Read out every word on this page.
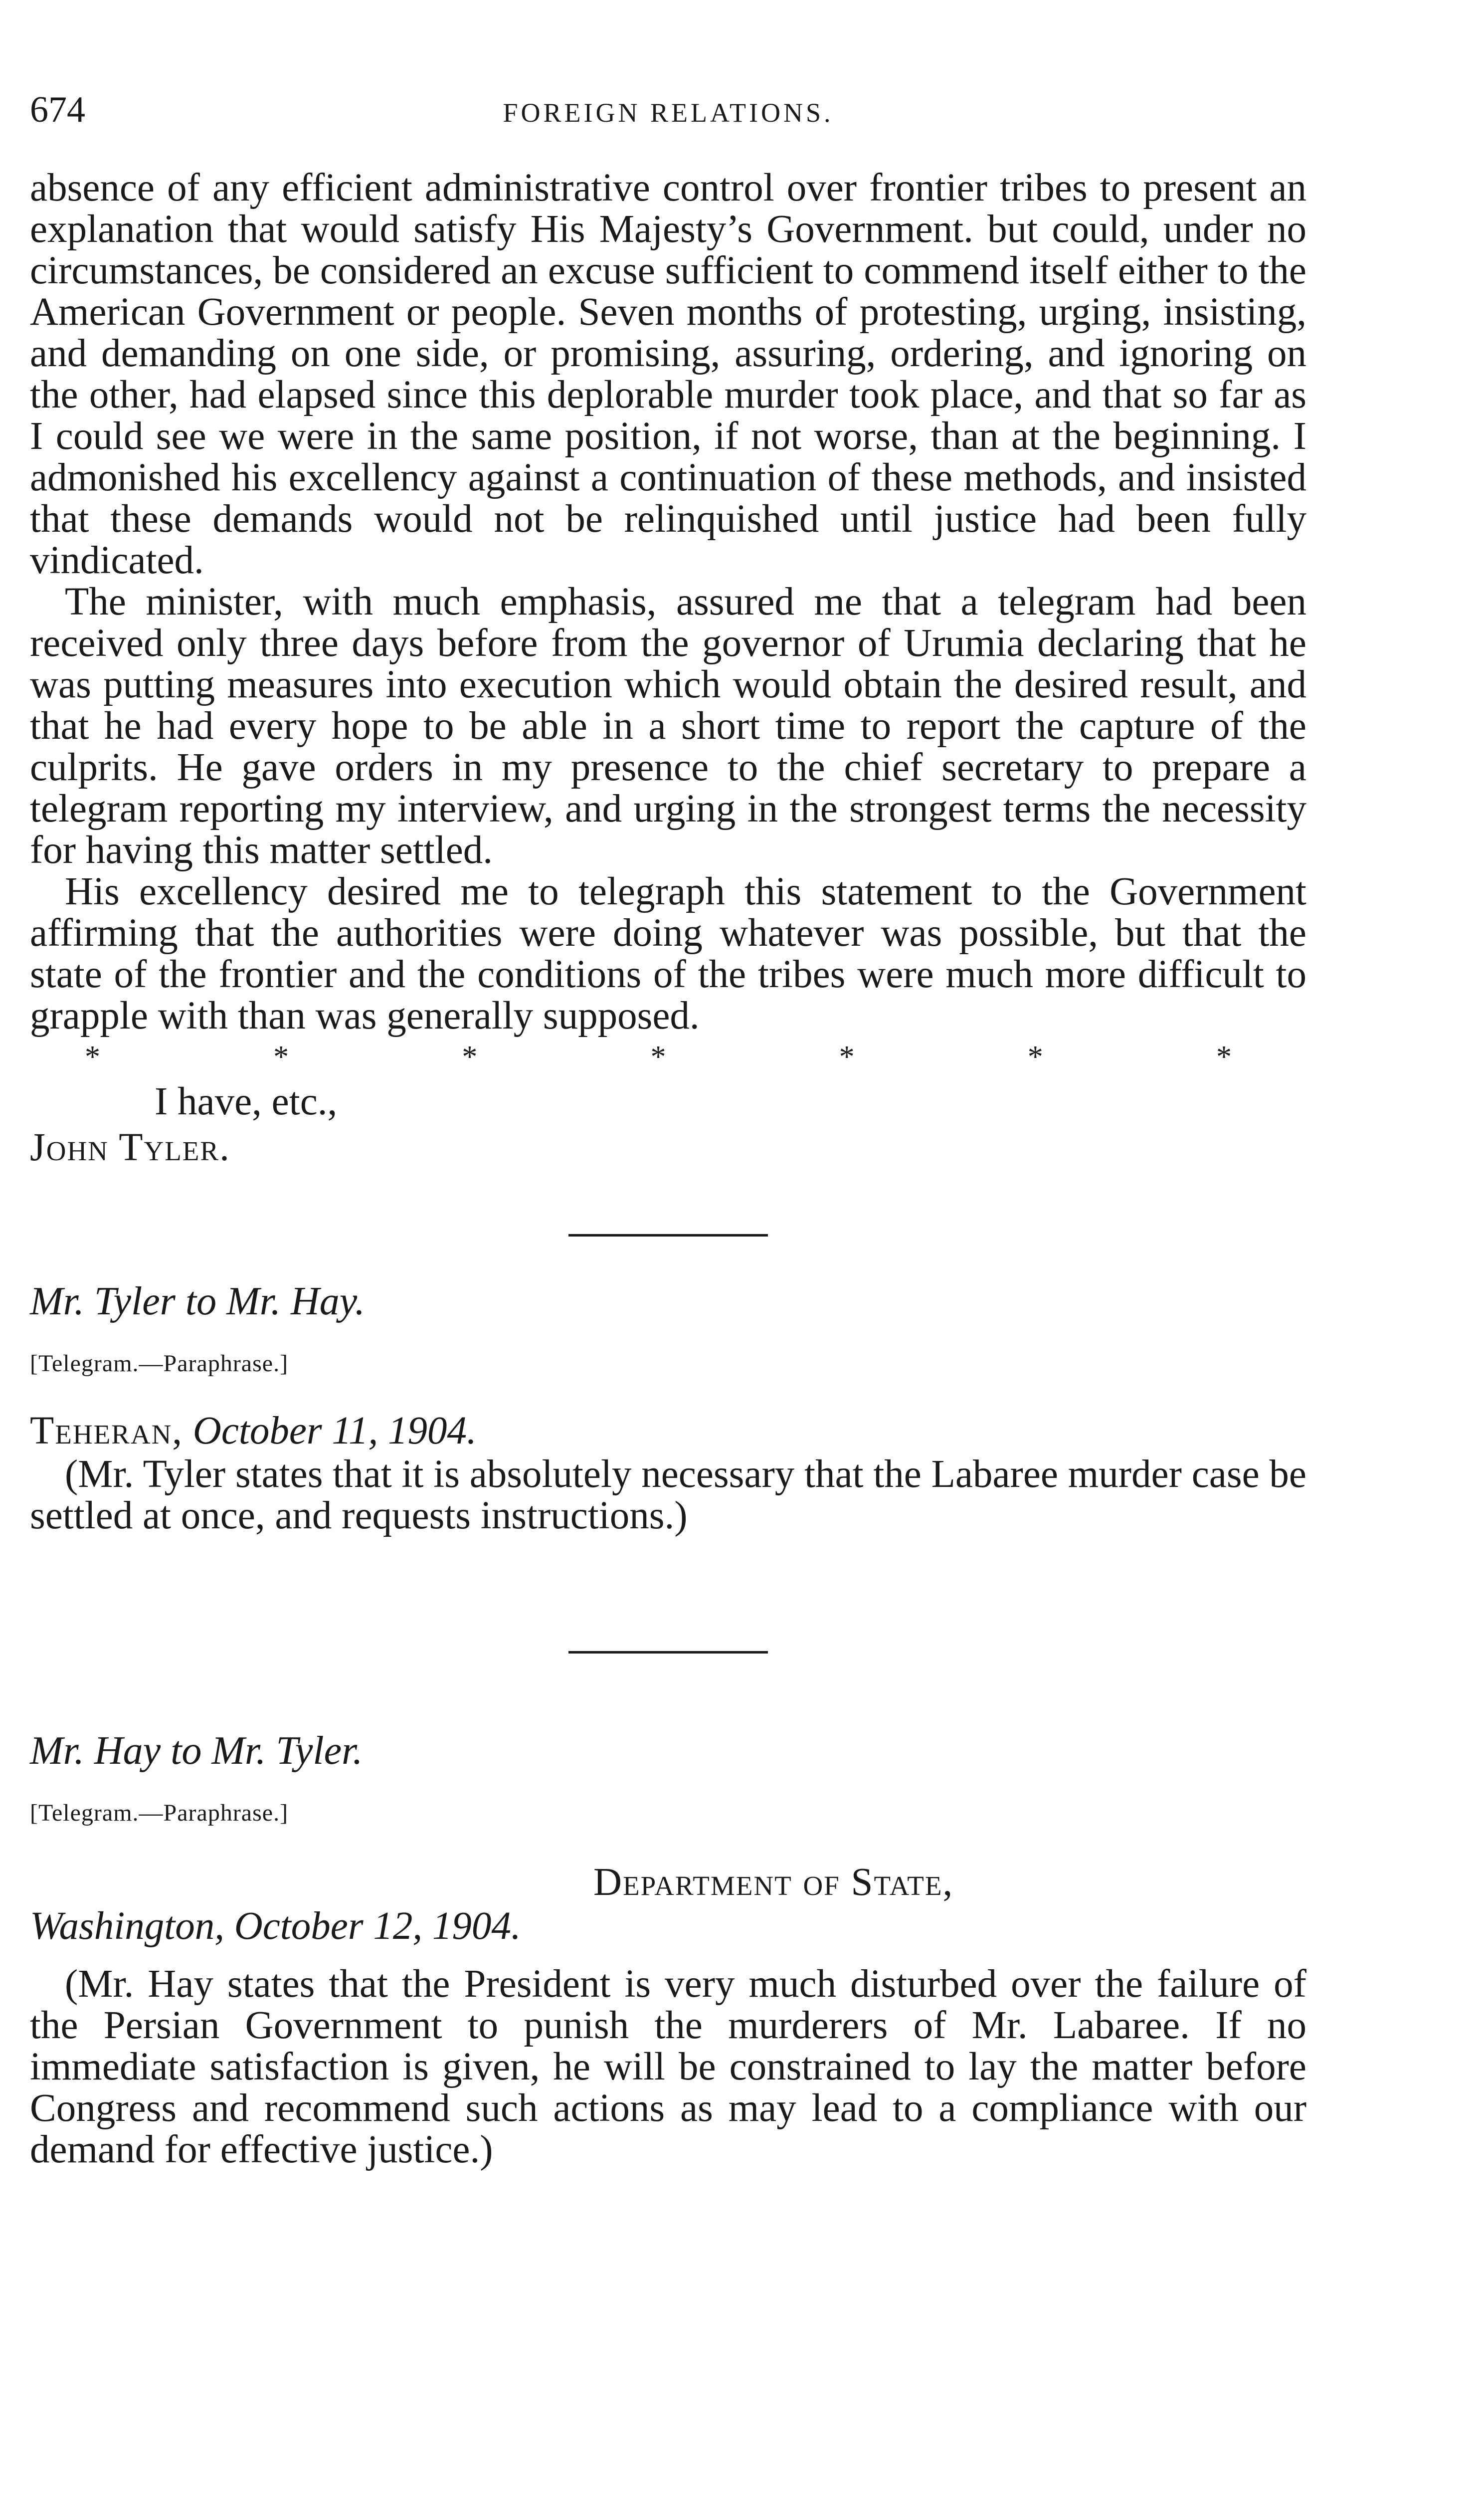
674	FOREIGN RELATIONS.

absence of any efficient administrative control over frontier tribes to present an explanation that would satisfy His Majesty’s Government. but could, under no circumstances, be considered an excuse sufficient to commend itself either to the American Government or people. Seven months of protesting, urging, insisting, and demanding on one side, or promising, assuring, ordering, and ignoring on the other, had elapsed since this deplorable murder took place, and that so far as I could see we were in the same position, if not worse, than at the beginning. I admonished his excellency against a continuation of these methods, and insisted that these demands would not be relinquished until justice had been fully vindicated.

The minister, with much emphasis, assured me that a telegram had been received only three days before from the governor of Urumia declaring that he was putting measures into execution which would obtain the desired result, and that he had every hope to be able in a short time to report the capture of the culprits. He gave orders in my presence to the chief secretary to prepare a telegram reporting my interview, and urging in the strongest terms the necessity for having this matter settled.

His excellency desired me to telegraph this statement to the Government affirming that the authorities were doing whatever was possible, but that the state of the frontier and the conditions of the tribes were much more difficult to grapple with than was generally supposed.

*	*	*	*	*	*	*

I have, etc.,

John Tyler.

Mr. Tyler to Mr. Hay.

[Telegram.—Paraphrase.]

Teheran, October 11, 1904.

(Mr. Tyler states that it is absolutely necessary that the Labaree murder case be settled at once, and requests instructions.)

Mr. Hay to Mr. Tyler.

[Telegram.—Paraphrase.]

Department of State,

Washington, October 12, 1904.

(Mr. Hay states that the President is very much disturbed over the failure of the Persian Government to punish the murderers of Mr. Labaree. If no immediate satisfaction is given, he will be constrained to lay the matter before Congress and recommend such actions as may lead to a compliance with our demand for effective justice.)
